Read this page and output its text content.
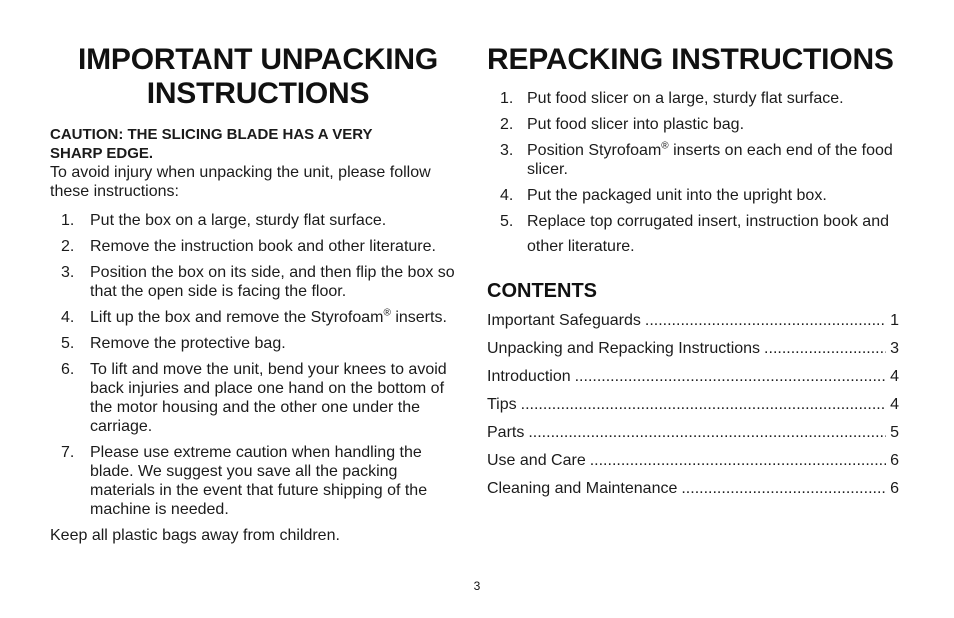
IMPORTANT UNPACKING
INSTRUCTIONS
CAUTION: THE SLICING BLADE HAS A VERY
SHARP EDGE.
To avoid injury when unpacking the unit, please follow these instructions:
1. Put the box on a large, sturdy flat surface.
2. Remove the instruction book and other literature.
3. Position the box on its side, and then flip the box so that the open side is facing the floor.
4. Lift up the box and remove the Styrofoam® inserts.
5. Remove the protective bag.
6. To lift and move the unit, bend your knees to avoid back injuries and place one hand on the bottom of the motor housing and the other one under the carriage.
7. Please use extreme caution when handling the blade. We suggest you save all the packing materials in the event that future shipping of the machine is needed.
Keep all plastic bags away from children.
REPACKING INSTRUCTIONS
1. Put food slicer on a large, sturdy flat surface.
2. Put food slicer into plastic bag.
3. Position Styrofoam® inserts on each end of the food slicer.
4. Put the packaged unit into the upright box.
5. Replace top corrugated insert, instruction book and other literature.
CONTENTS
Important Safeguards .....	1
Unpacking and Repacking Instructions .....	3
Introduction .....	4
Tips .....	4
Parts .....	5
Use and Care .....	6
Cleaning and Maintenance .....	6
3
